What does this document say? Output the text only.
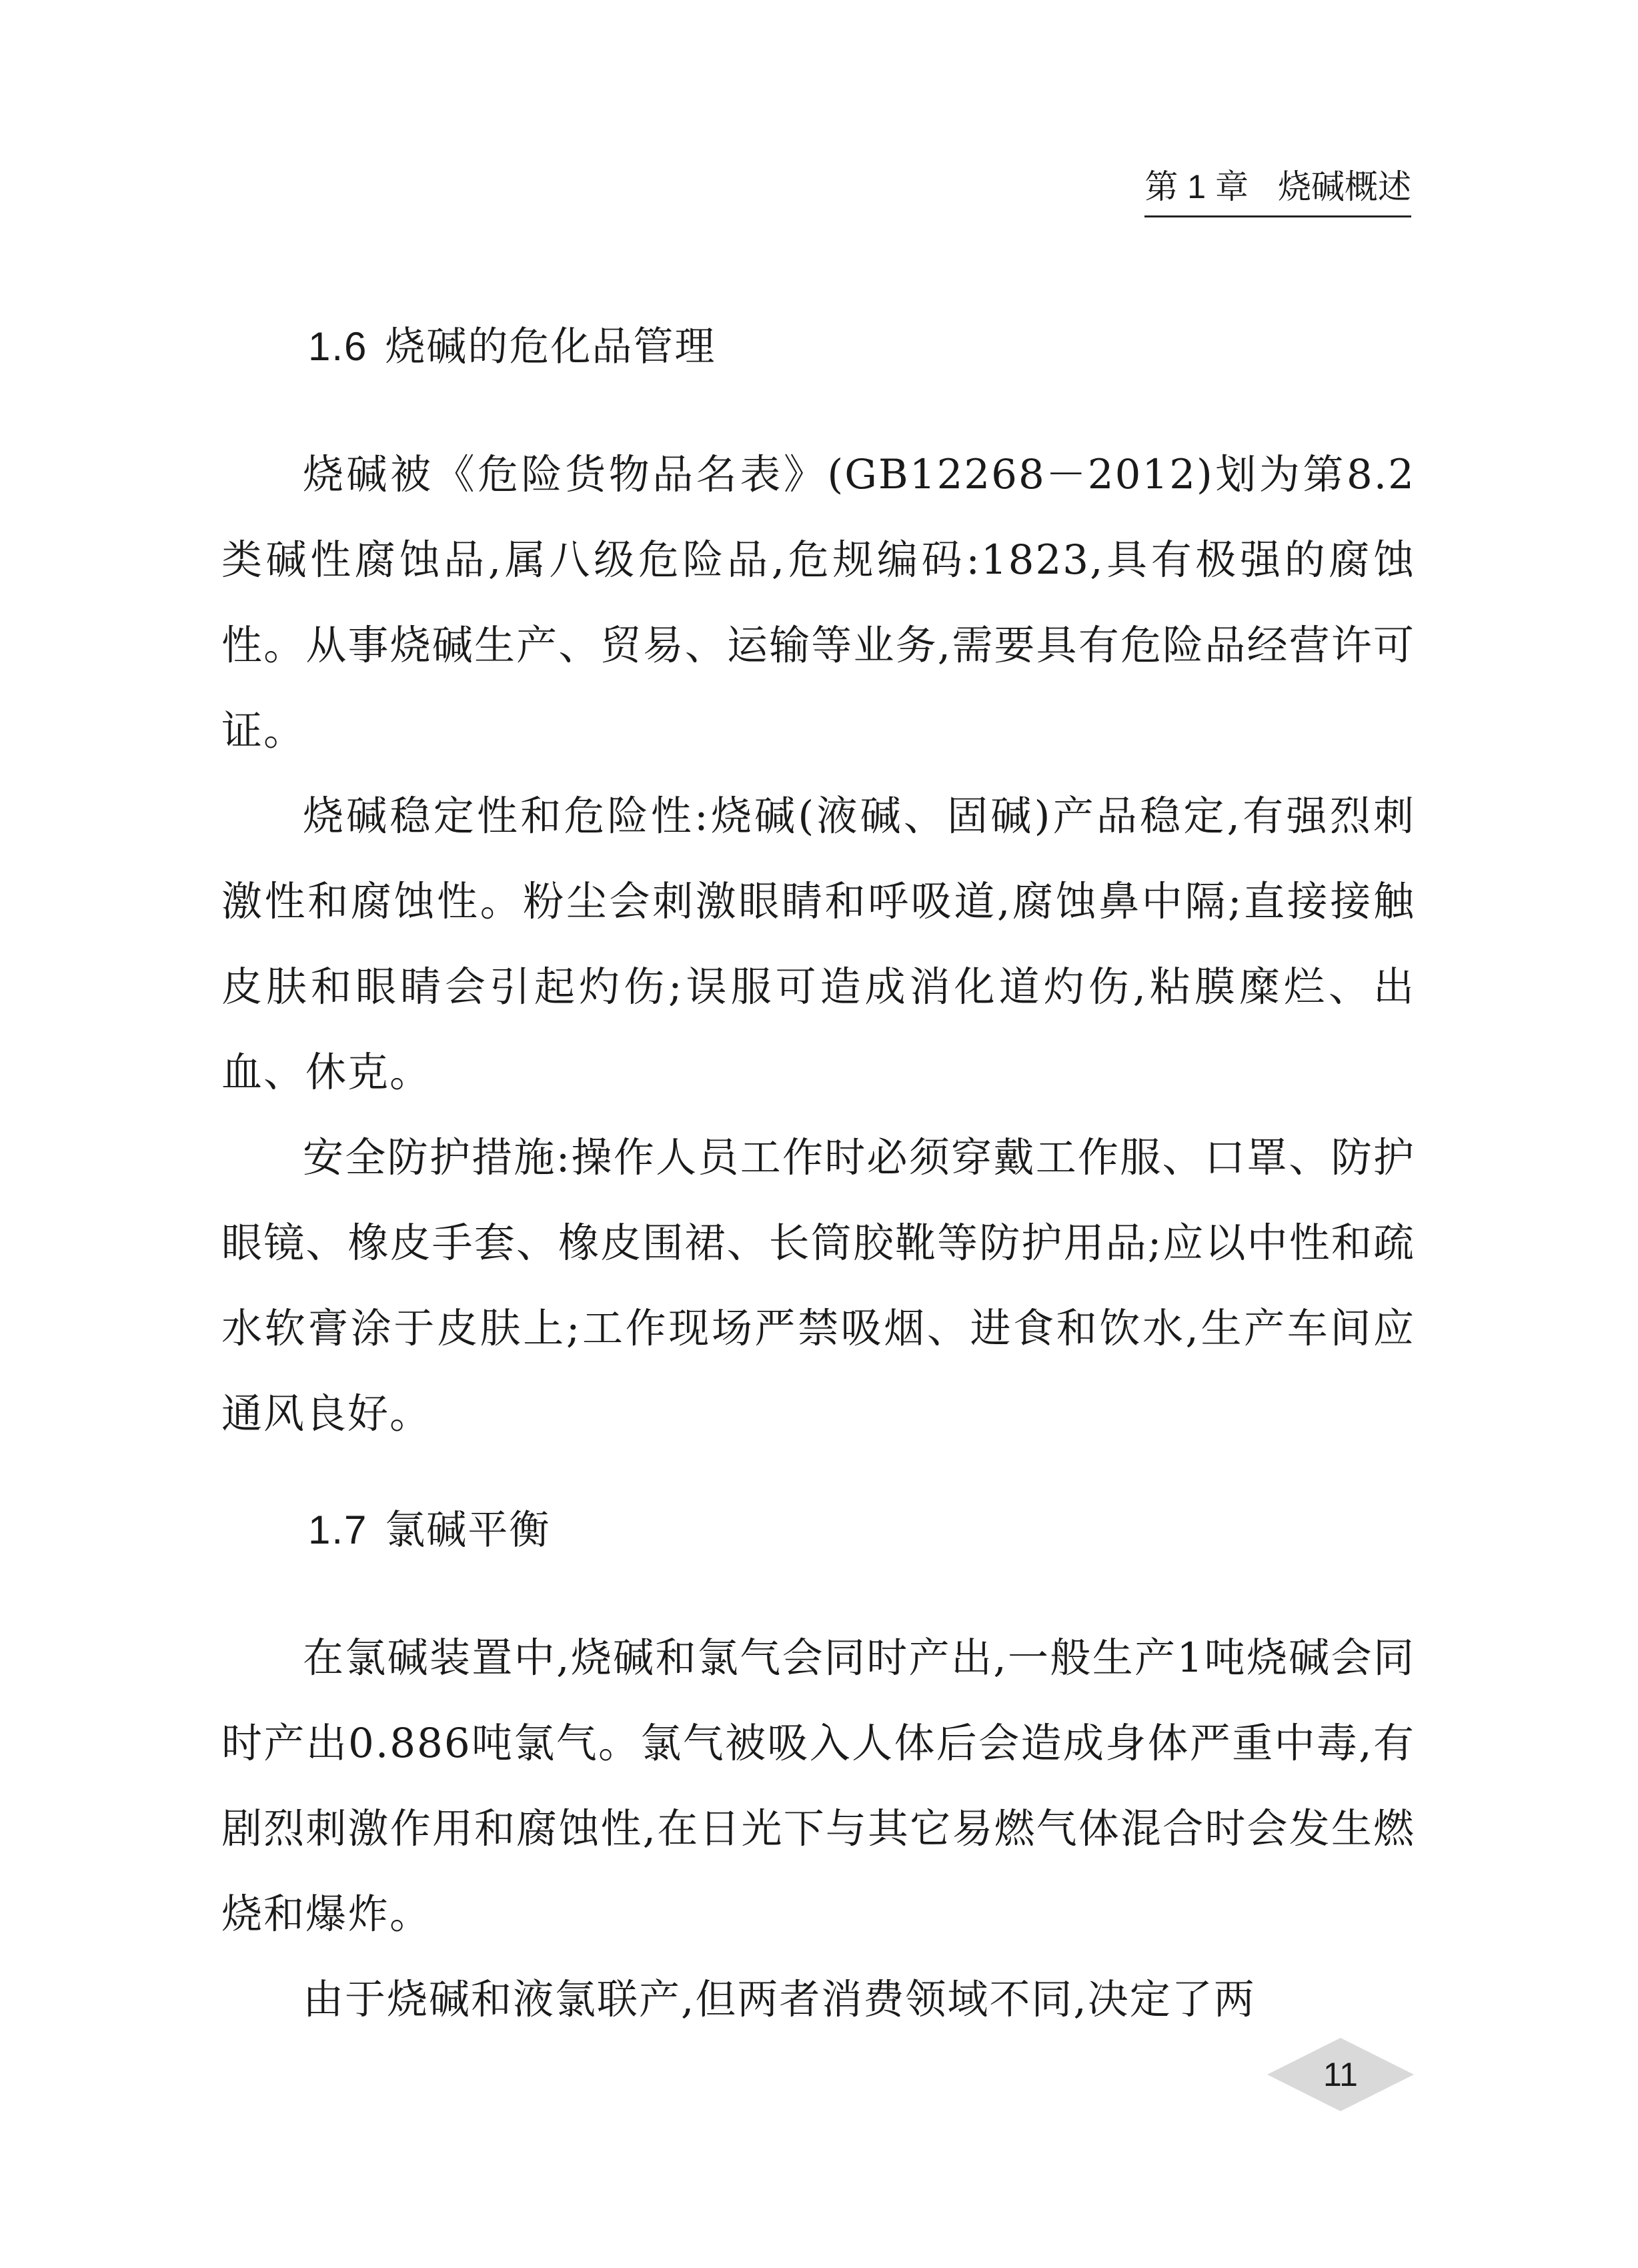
第 1 章 烧碱概述
1.6 烧碱的危化品管理

烧碱被《危险货物品名表》(GB12268－2012)划为第8.2类碱性腐蚀品,属八级危险品,危规编码:1823,具有极强的腐蚀性。从事烧碱生产、贸易、运输等业务,需要具有危险品经营许可证。

烧碱稳定性和危险性:烧碱(液碱、固碱)产品稳定,有强烈刺激性和腐蚀性。粉尘会刺激眼睛和呼吸道,腐蚀鼻中隔;直接接触皮肤和眼睛会引起灼伤;误服可造成消化道灼伤,粘膜糜烂、出血、休克。

安全防护措施:操作人员工作时必须穿戴工作服、口罩、防护眼镜、橡皮手套、橡皮围裙、长筒胶靴等防护用品;应以中性和疏水软膏涂于皮肤上;工作现场严禁吸烟、进食和饮水,生产车间应通风良好。

1.7 氯碱平衡

在氯碱装置中,烧碱和氯气会同时产出,一般生产1吨烧碱会同时产出0.886吨氯气。氯气被吸入人体后会造成身体严重中毒,有剧烈刺激作用和腐蚀性,在日光下与其它易燃气体混合时会发生燃烧和爆炸。

由于烧碱和液氯联产,但两者消费领域不同,决定了两

11
